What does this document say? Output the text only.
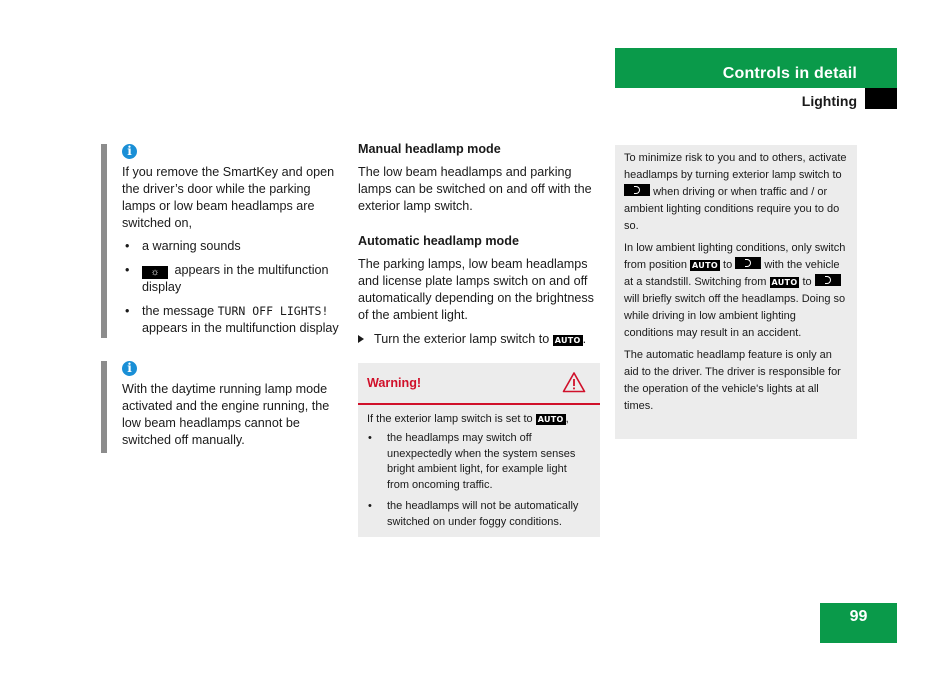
Controls in detail
Lighting
i

If you remove the SmartKey and open the driver’s door while the parking lamps or low beam headlamps are switched on,

• a warning sounds
• ☼ appears in the multifunction display
• the message TURN OFF LIGHTS! appears in the multifunction display
i

With the daytime running lamp mode activated and the engine running, the low beam headlamps cannot be switched off manually.

Manual headlamp mode

The low beam headlamps and parking lamps can be switched on and off with the exterior lamp switch.

Automatic headlamp mode

The parking lamps, low beam headlamps and license plate lamps switch on and off automatically depending on the brightness of the ambient light.

Turn the exterior lamp switch to AUTO .
Warning!

If the exterior lamp switch is set to AUTO ,

• the headlamps may switch off unexpectedly when the system senses bright ambient light, for example light from oncoming traffic.
• the headlamps will not be automatically switched on under foggy conditions.

To minimize risk to you and to others, activate headlamps by turning exterior lamp switch to  when driving or when traffic and / or ambient lighting conditions require you to do so.

In low ambient lighting conditions, only switch from position AUTO to	with the vehicle at a standstill. Switching from AUTO to  will briefly switch off the headlamps. Doing so while driving in low ambient lighting conditions may result in an accident.

The automatic headlamp feature is only an aid to the driver. The driver is responsible for the operation of the vehicle's lights at all times.

99
